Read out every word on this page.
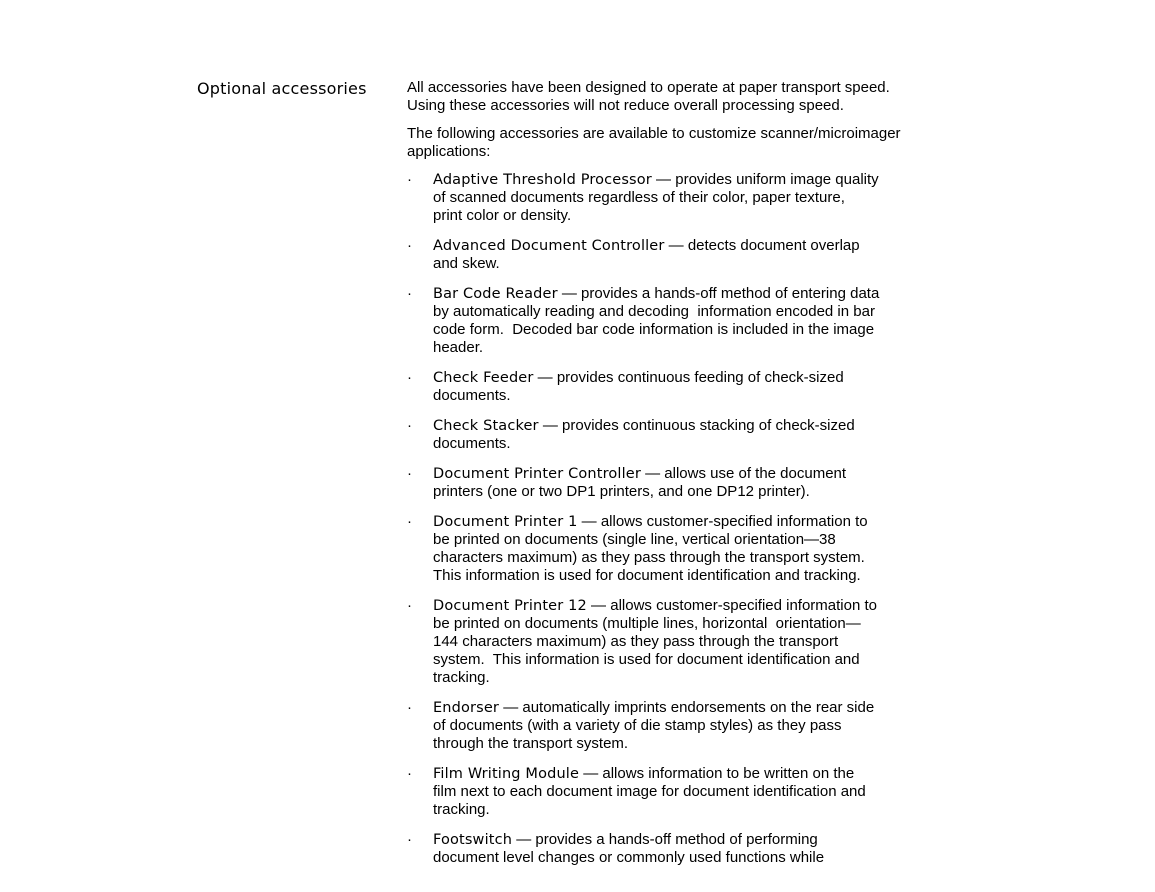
Optional accessories	All accessories have been designed to operate at paper transport speed.
Using these accessories will not reduce overall processing speed.

The following accessories are available to customize scanner/microimager
applications:

· Adaptive Threshold Processor — provides uniform image quality
of scanned documents regardless of their color, paper texture,
print color or density.
· Advanced Document Controller — detects document overlap
and skew.
· Bar Code Reader — provides a hands-off method of entering data
by automatically reading and decoding  information encoded in bar
code form.  Decoded bar code information is included in the image
header.
· Check Feeder — provides continuous feeding of check-sized
documents.
· Check Stacker — provides continuous stacking of check-sized
documents.
· Document Printer Controller — allows use of the document
printers (one or two DP1 printers, and one DP12 printer).
· Document Printer 1 — allows customer-specified information to
be printed on documents (single line, vertical orientation—38
characters maximum) as they pass through the transport system.
This information is used for document identification and tracking.
· Document Printer 12 — allows customer-specified information to
be printed on documents (multiple lines, horizontal  orientation—
144 characters maximum) as they pass through the transport
system.  This information is used for document identification and
tracking.
· Endorser — automatically imprints endorsements on the rear side
of documents (with a variety of die stamp styles) as they pass
through the transport system.
· Film Writing Module — allows information to be written on the
film next to each document image for document identification and
tracking.
· Footswitch — provides a hands-off method of performing
document level changes or commonly used functions while
